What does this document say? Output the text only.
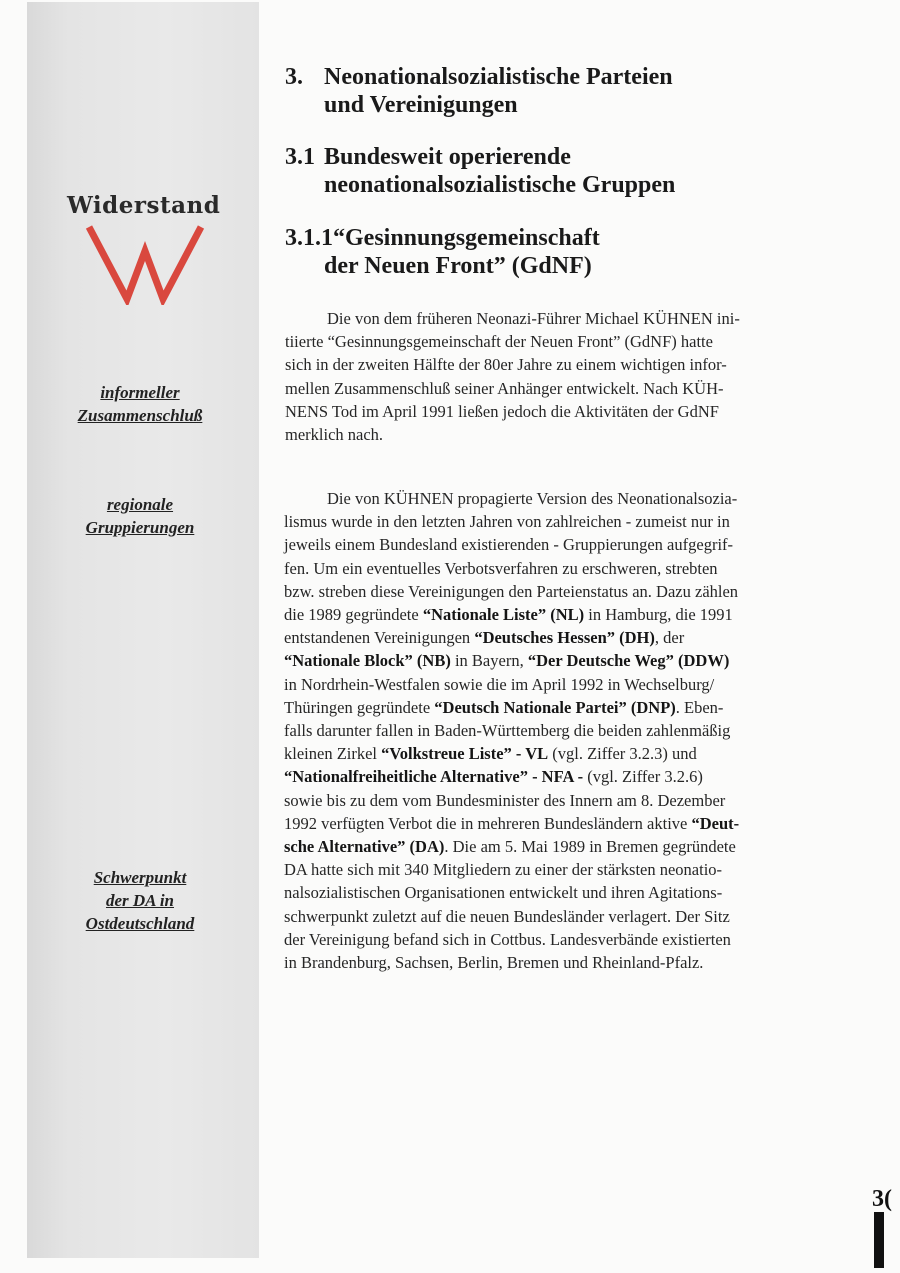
Widerstand
informeller
Zusammenschluß
regionale
Gruppierungen
Schwerpunkt
der DA in
Ostdeutschland
3. Neonationalsozialistische Parteien
und Vereinigungen
3.1 Bundesweit operierende
neonationalsozialistische Gruppen
3.1.1“Gesinnungsgemeinschaft
der Neuen Front” (GdNF)
Die von dem früheren Neonazi-Führer Michael KÜHNEN ini-
tiierte “Gesinnungsgemeinschaft der Neuen Front” (GdNF) hatte
sich in der zweiten Hälfte der 80er Jahre zu einem wichtigen infor-
mellen Zusammenschluß seiner Anhänger entwickelt. Nach KÜH-
NENS Tod im April 1991 ließen jedoch die Aktivitäten der GdNF
merklich nach.
Die von KÜHNEN propagierte Version des Neonationalsozia-
lismus wurde in den letzten Jahren von zahlreichen - zumeist nur in
jeweils einem Bundesland existierenden - Gruppierungen aufgegrif-
fen. Um ein eventuelles Verbotsverfahren zu erschweren, strebten
bzw. streben diese Vereinigungen den Parteienstatus an. Dazu zählen
die 1989 gegründete “Nationale Liste” (NL) in Hamburg, die 1991
entstandenen Vereinigungen “Deutsches Hessen” (DH), der
“Nationale Block” (NB) in Bayern, “Der Deutsche Weg” (DDW)
in Nordrhein-Westfalen sowie die im April 1992 in Wechselburg/
Thüringen gegründete “Deutsch Nationale Partei” (DNP). Eben-
falls darunter fallen in Baden-Württemberg die beiden zahlenmäßig
kleinen Zirkel “Volkstreue Liste” - VL (vgl. Ziffer 3.2.3) und
“Nationalfreiheitliche Alternative” - NFA - (vgl. Ziffer 3.2.6)
sowie bis zu dem vom Bundesminister des Innern am 8. Dezember
1992 verfügten Verbot die in mehreren Bundesländern aktive “Deut-
sche Alternative” (DA). Die am 5. Mai 1989 in Bremen gegründete
DA hatte sich mit 340 Mitgliedern zu einer der stärksten neonatio-
nalsozialistischen Organisationen entwickelt und ihren Agitations-
schwerpunkt zuletzt auf die neuen Bundesländer verlagert. Der Sitz
der Vereinigung befand sich in Cottbus. Landesverbände existierten
in Brandenburg, Sachsen, Berlin, Bremen und Rheinland-Pfalz.
3(
